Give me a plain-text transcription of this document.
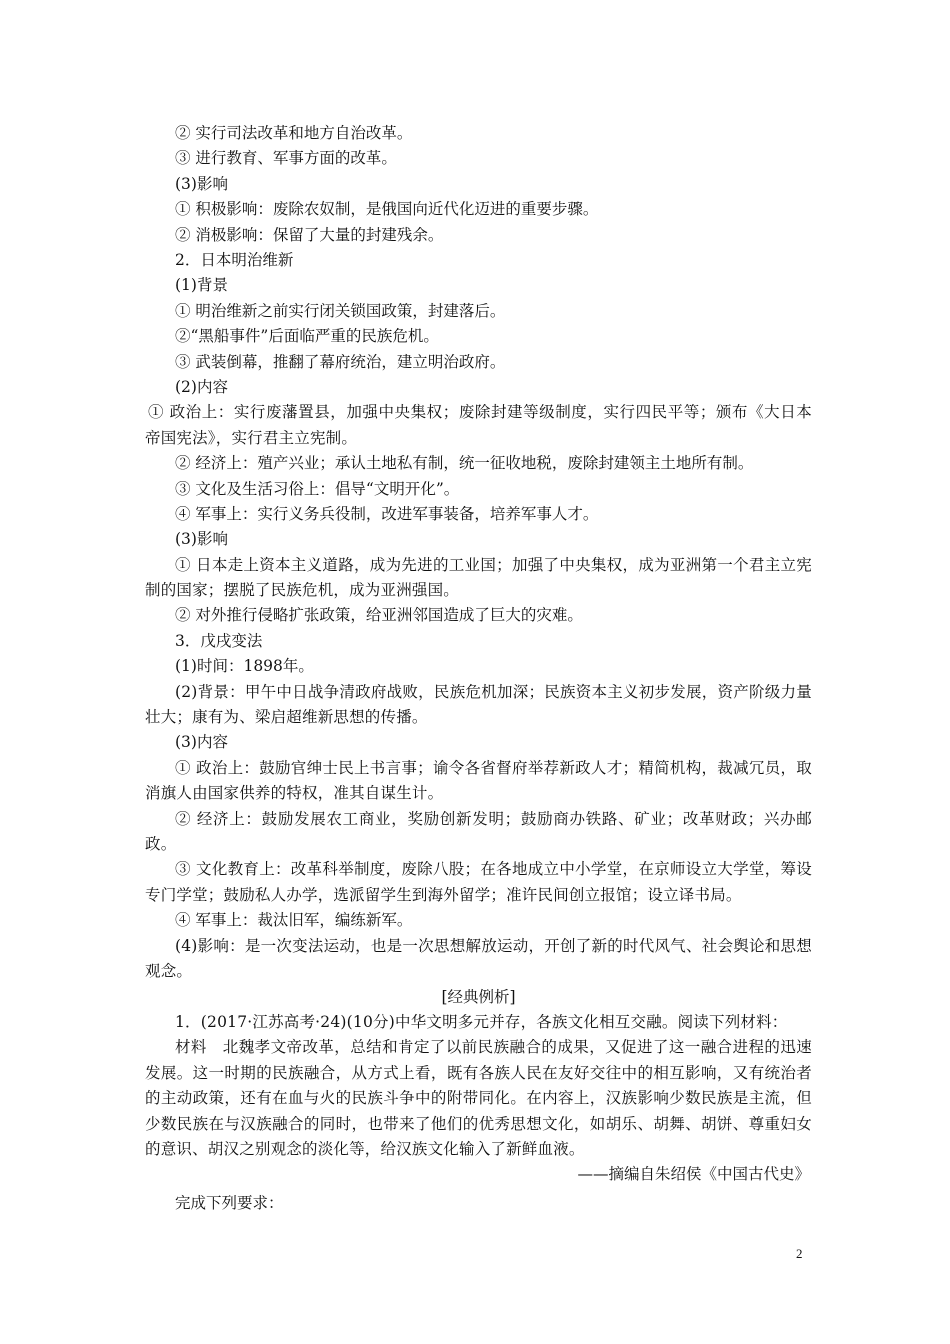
② 实行司法改革和地方自治改革。
③ 进行教育、军事方面的改革。
(3)影响
① 积极影响：废除农奴制，是俄国向近代化迈进的重要步骤。
② 消极影响：保留了大量的封建残余。
2．日本明治维新
(1)背景
① 明治维新之前实行闭关锁国政策，封建落后。
②“黑船事件”后面临严重的民族危机。
③ 武装倒幕，推翻了幕府统治，建立明治政府。
(2)内容
① 政治上：实行废藩置县，加强中央集权；废除封建等级制度，实行四民平等；颁布《大日本帝国宪法》，实行君主立宪制。
② 经济上：殖产兴业；承认土地私有制，统一征收地税，废除封建领主土地所有制。
③ 文化及生活习俗上：倡导“文明开化”。
④ 军事上：实行义务兵役制，改进军事装备，培养军事人才。
(3)影响
① 日本走上资本主义道路，成为先进的工业国；加强了中央集权，成为亚洲第一个君主立宪制的国家；摆脱了民族危机，成为亚洲强国。
② 对外推行侵略扩张政策，给亚洲邻国造成了巨大的灾难。
3．戊戌变法
(1)时间：1898年。
(2)背景：甲午中日战争清政府战败，民族危机加深；民族资本主义初步发展，资产阶级力量壮大；康有为、梁启超维新思想的传播。
(3)内容
① 政治上：鼓励官绅士民上书言事；谕令各省督府举荐新政人才；精简机构，裁减冗员，取消旗人由国家供养的特权，准其自谋生计。
② 经济上：鼓励发展农工商业，奖励创新发明；鼓励商办铁路、矿业；改革财政；兴办邮政。
③ 文化教育上：改革科举制度，废除八股；在各地成立中小学堂，在京师设立大学堂，筹设专门学堂；鼓励私人办学，选派留学生到海外留学；准许民间创立报馆；设立译书局。
④ 军事上：裁汰旧军，编练新军。
(4)影响：是一次变法运动，也是一次思想解放运动，开创了新的时代风气、社会舆论和思想观念。
[经典例析]
1．(2017·江苏高考·24)(10分)中华文明多元并存，各族文化相互交融。阅读下列材料：
材料　北魏孝文帝改革，总结和肯定了以前民族融合的成果，又促进了这一融合进程的迅速发展。这一时期的民族融合，从方式上看，既有各族人民在友好交往中的相互影响，又有统治者的主动政策，还有在血与火的民族斗争中的附带同化。在内容上，汉族影响少数民族是主流，但少数民族在与汉族融合的同时，也带来了他们的优秀思想文化，如胡乐、胡舞、胡饼、尊重妇女的意识、胡汉之别观念的淡化等，给汉族文化输入了新鲜血液。
——摘编自朱绍侯《中国古代史》
完成下列要求：
2
